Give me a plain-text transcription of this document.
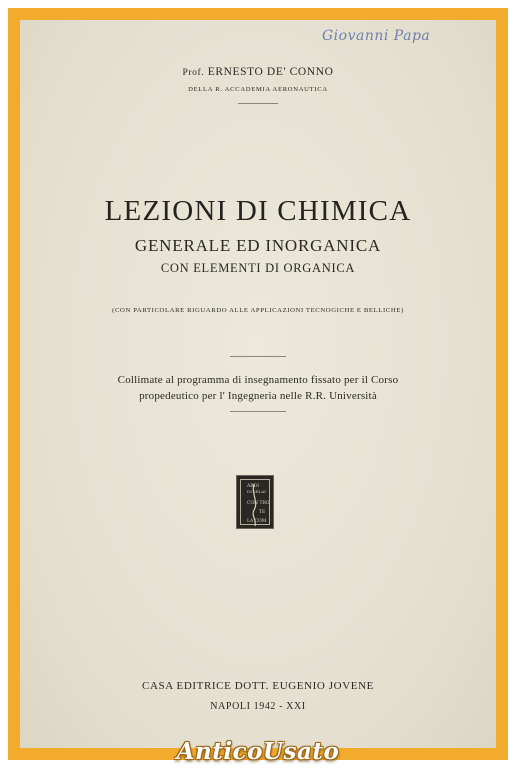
Giovanni Papa
Prof. ERNESTO DE' CONNO
DELLA R. ACCADEMIA AERONAUTICA
LEZIONI DI CHIMICA
GENERALE ED INORGANICA
CON ELEMENTI DI ORGANICA
(CON PARTICOLARE RIGUARDO ALLE APPLICAZIONI TECNOGICHE E BELLICHE)
Collimate al programma di insegnamento fissato per il Corso
propedeutico per l' Ingegneria nelle R.R. Università
ARDI
DI SELAI
CON TRO
TE
LA COM
CASA EDITRICE DOTT. EUGENIO JOVENE
NAPOLI 1942 - XXI
AnticoUsato
